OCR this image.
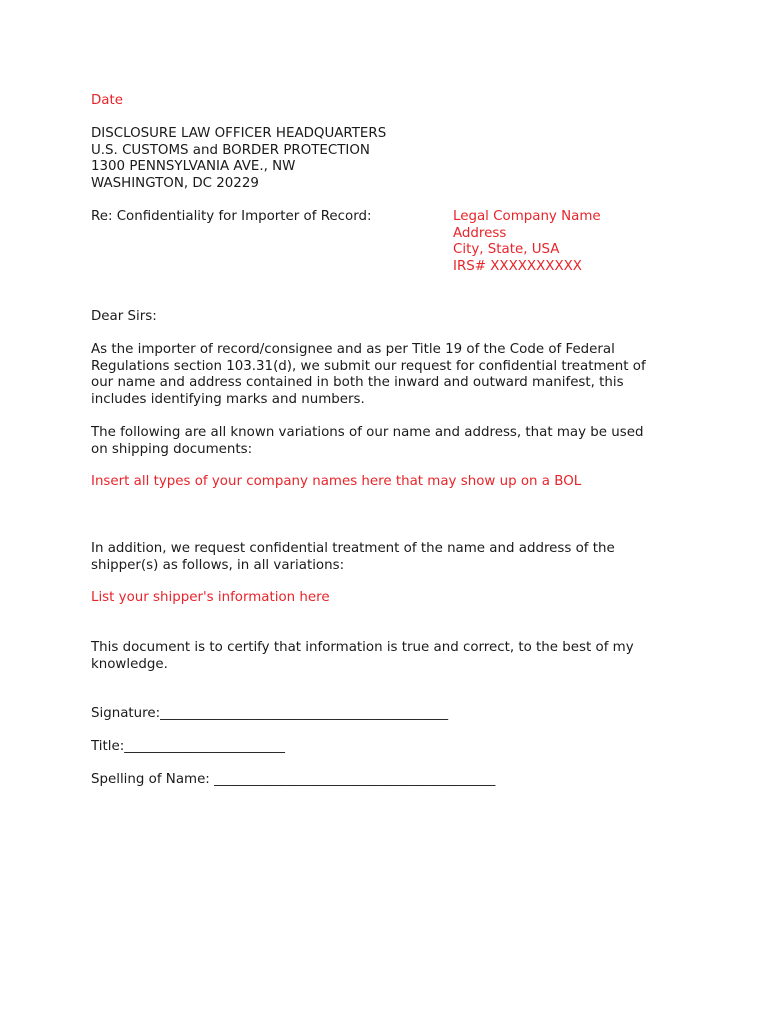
Date
DISCLOSURE LAW OFFICER HEADQUARTERS
U.S. CUSTOMS and BORDER PROTECTION
1300 PENNSYLVANIA AVE., NW
WASHINGTON, DC 20229
Re: Confidentiality for Importer of Record:	Legal Company Name
Address
City, State, USA
IRS# XXXXXXXXXX
Dear Sirs:
As the importer of record/consignee and as per Title 19 of the Code of Federal
Regulations section 103.31(d), we submit our request for confidential treatment of
our name and address contained in both the inward and outward manifest, this
includes identifying marks and numbers.
The following are all known variations of our name and address, that may be used
on shipping documents:
Insert all types of your company names here that may show up on a BOL
In addition, we request confidential treatment of the name and address of the
shipper(s) as follows, in all variations:
List your shipper's information here
This document is to certify that information is true and correct, to the best of my
knowledge.
Signature:___________________________________________
Title:________________________
Spelling of Name: __________________________________________
